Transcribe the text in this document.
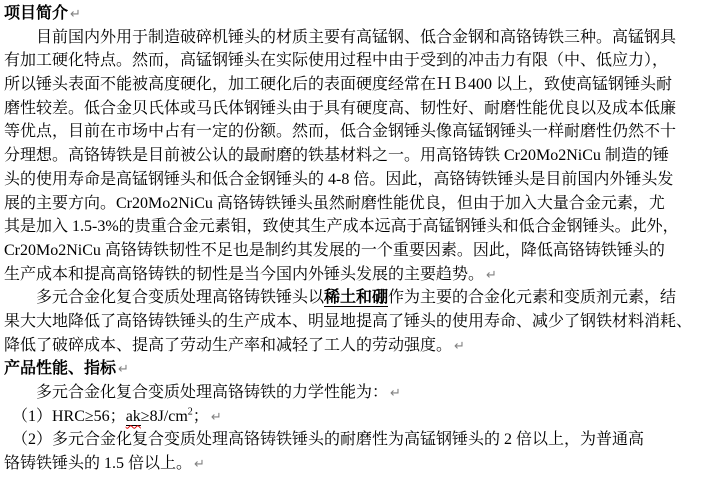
项目简介 ↵
　　目前国内外用于制造破碎机锤头的材质主要有高锰钢、低合金钢和高铬铸铁三种。高锰钢具
有加工硬化特点。然而，高锰钢锤头在实际使用过程中由于受到的冲击力有限（中、低应力），
所以锤头表面不能被高度硬化，加工硬化后的表面硬度经常在ＨＢ400 以上，致使高锰钢锤头耐
磨性较差。低合金贝氏体或马氏体钢锤头由于具有硬度高、韧性好、耐磨性能优良以及成本低廉
等优点，目前在市场中占有一定的份额。然而，低合金钢锤头像高锰钢锤头一样耐磨性仍然不十
分理想。高铬铸铁是目前被公认的最耐磨的铁基材料之一。用高铬铸铁 Cr20Mo2NiCu 制造的锤
头的使用寿命是高锰钢锤头和低合金钢锤头的 4-8 倍。因此，高铬铸铁锤头是目前国内外锤头发
展的主要方向。Cr20Mo2NiCu 高铬铸铁锤头虽然耐磨性能优良，但由于加入大量合金元素，尤
其是加入 1.5-3%的贵重合金元素钼，致使其生产成本远高于高锰钢锤头和低合金钢锤头。此外，
Cr20Mo2NiCu 高铬铸铁韧性不足也是制约其发展的一个重要因素。因此，降低高铬铸铁锤头的
生产成本和提高高铬铸铁的韧性是当今国内外锤头发展的主要趋势。 ↵
　　多元合金化复合变质处理高铬铸铁锤头以稀土和硼作为主要的合金化元素和变质剂元素，结
果大大地降低了高铬铸铁锤头的生产成本、明显地提高了锤头的使用寿命、减少了钢铁材料消耗、
降低了破碎成本、提高了劳动生产率和减轻了工人的劳动强度。 ↵
产品性能、指标 ↵
　　多元合金化复合变质处理高铬铸铁的力学性能为： ↵
　（1）HRC≥56；$ak\ge 8J/cm^2$； ↵
　（2）多元合金化复合变质处理高铬铸铁锤头的耐磨性为高锰钢锤头的 2 倍以上，为普通高
铬铸铁锤头的 1.5 倍以上。 ↵
